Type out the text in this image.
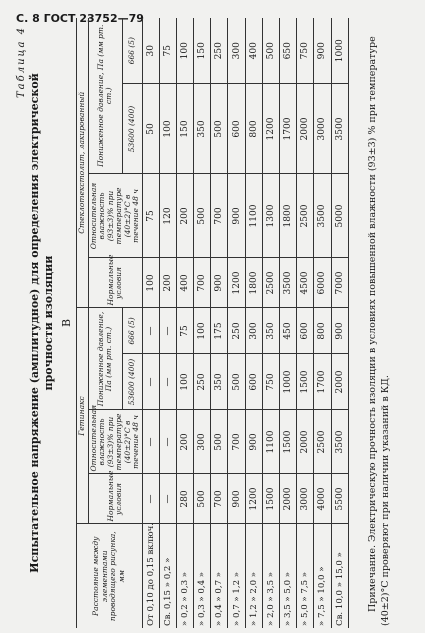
С. 8 ГОСТ 23752—79
Таблица 4
Испытательное напряжение (амплитудное) для определения электрической прочности изоляции В
Расстояние между элементами проводящего рисунка, мм	Гетинакс				Стеклотекстолит, лакированный			
	Нормальные условия	Относительная влажность (93±3)% при температуре (40±2)°C в течение 48 ч	Пониженное давление, Па (мм рт. ст.)		Нормальные условия	Относительная влажность (93±3)% при температуре (40±2)°C в течение 48 ч	Пониженное давление, Па (мм рт. ст.)	
			53600 (400)	666 (5)			53600 (400)	666 (5)
От 0,10 до 0,15 включ.	—	—	—	—	100	75	50	30
Св. 0,15 » 0,2 »	—	—	—	—	200	120	100	75
» 0,2 » 0,3 »	280	200	100	75	400	200	150	100
» 0,3 » 0,4 »	500	300	250	100	700	500	350	150
» 0,4 » 0,7 »	700	500	350	175	900	700	500	250
» 0,7 » 1,2 »	900	700	500	250	1200	900	600	300
» 1,2 » 2,0 »	1200	900	600	300	1800	1100	800	400
» 2,0 » 3,5 »	1500	1100	750	350	2500	1300	1200	500
» 3,5 » 5,0 »	2000	1500	1000	450	3500	1800	1700	650
» 5,0 » 7,5 »	3000	2000	1500	600	4500	2500	2000	750
» 7,5 » 10,0 »	4000	2500	1700	800	6000	3500	3000	900
Св. 10,0 » 15,0 »	5500	3500	2000	900	7000	5000	3500	1000 Примечание. Электрическую прочность изоляции в условиях повышенной влажности (93±3) % при температуре (40±2)°C проверяют при наличии указаний в КД.
